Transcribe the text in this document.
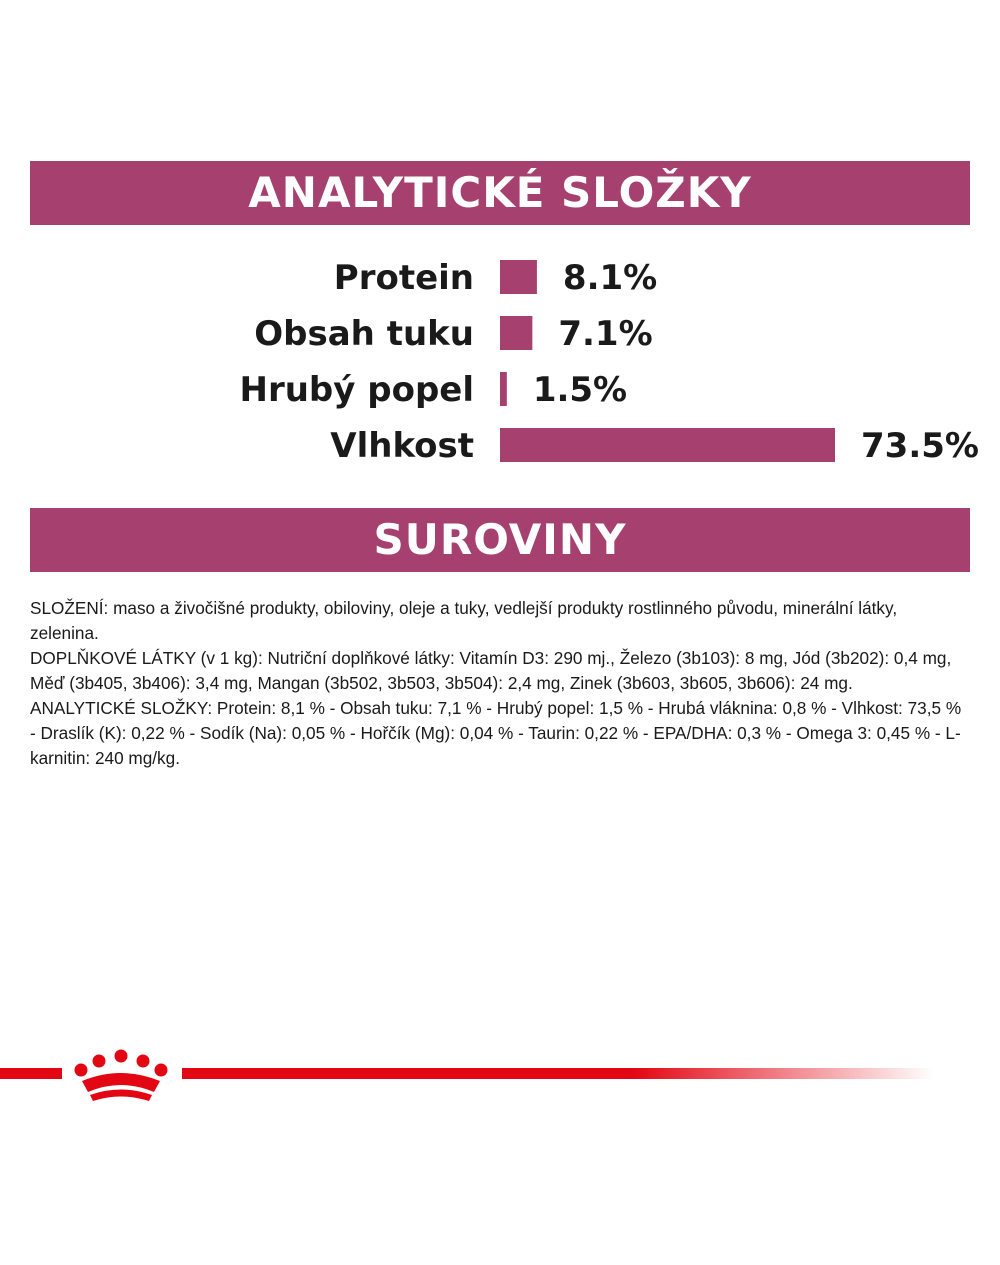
ANALYTICKÉ SLOŽKY
Protein	8.1%
Obsah tuku 7.1%
Hrubý popel 1.5%
Vlhkost	73.5%
SUROVINY

SLOŽENÍ: maso a živočišné produkty, obiloviny, oleje a tuky, vedlejší produkty rostlinného původu, minerální látky, zelenina.

DOPLŇKOVÉ LÁTKY (v 1 kg): Nutriční doplňkové látky: Vitamín D3: 290 mj., Železo (3b103): 8 mg, Jód (3b202): 0,4 mg, Měď (3b405, 3b406): 3,4 mg, Mangan (3b502, 3b503, 3b504): 2,4 mg, Zinek (3b603, 3b605, 3b606): 24 mg.

ANALYTICKÉ SLOŽKY: Protein: 8,1 % - Obsah tuku: 7,1 % - Hrubý popel: 1,5 % - Hrubá vláknina: 0,8 % - Vlhkost: 73,5 % - Draslík (K): 0,22 % - Sodík (Na): 0,05 % - Hořčík (Mg): 0,04 % - Taurin: 0,22 % - EPA/DHA: 0,3 % - Omega 3: 0,45 % - L-karnitin: 240 mg/kg.
